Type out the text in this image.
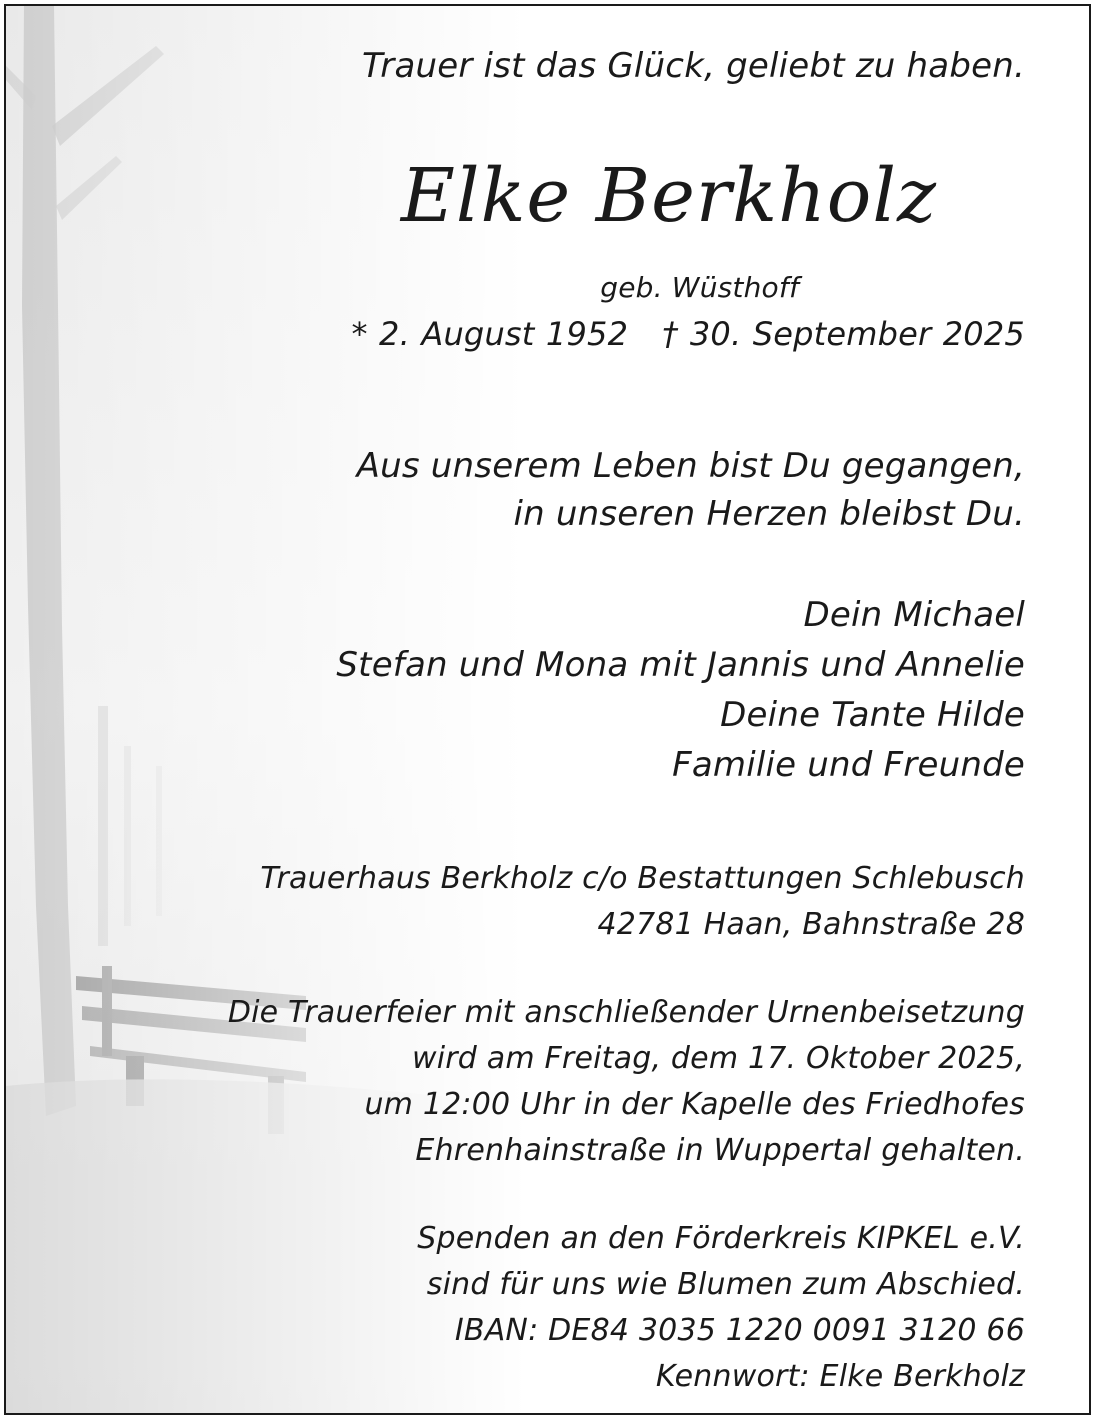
Trauer ist das Glück, geliebt zu haben.

Elke Berkholz

geb. Wüsthoff

* 2. August 1952   † 30. September 2025

Aus unserem Leben bist Du gegangen,
in unseren Herzen bleibst Du.
Dein Michael
Stefan und Mona mit Jannis und Annelie
Deine Tante Hilde
Familie und Freunde
Trauerhaus Berkholz c/o Bestattungen Schlebusch
42781 Haan, Bahnstraße 28
Die Trauerfeier mit anschließender Urnenbeisetzung
wird am Freitag, dem 17. Oktober 2025,
um 12:00 Uhr in der Kapelle des Friedhofes
Ehrenhainstraße in Wuppertal gehalten.
Spenden an den Förderkreis KIPKEL e.V.
sind für uns wie Blumen zum Abschied.
IBAN: DE84 3035 1220 0091 3120 66
Kennwort: Elke Berkholz
